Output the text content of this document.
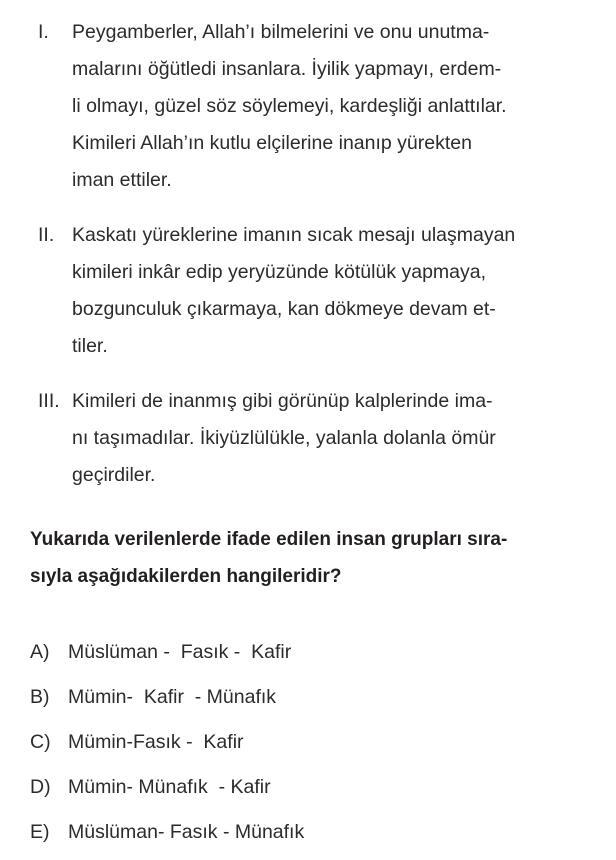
I.	Peygamberler, Allah’ı bilmelerini ve onu unutma-
malarını öğütledi insanlara. İyilik yapmayı, erdem-
li olmayı, güzel söz söylemeyi, kardeşliği anlattılar.
Kimileri Allah’ın kutlu elçilerine inanıp yürekten
iman ettiler.
II. Kaskatı yüreklerine imanın sıcak mesajı ulaşmayan
kimileri inkâr edip yeryüzünde kötülük yapmaya,
bozgunculuk çıkarmaya, kan dökmeye devam et-
tiler.
III. Kimileri de inanmış gibi görünüp kalplerinde ima-
nı taşımadılar. İkiyüzlülükle, yalanla dolanla ömür
geçirdiler.
Yukarıda verilenlerde ifade edilen insan grupları sıra-
sıyla aşağıdakilerden hangileridir?
A) Müslüman -  Fasık -  Kafir
B) Mümin-  Kafir  - Münafık
C) Mümin-Fasık -  Kafir
D) Mümin- Münafık  - Kafir
E) Müslüman- Fasık - Münafık
